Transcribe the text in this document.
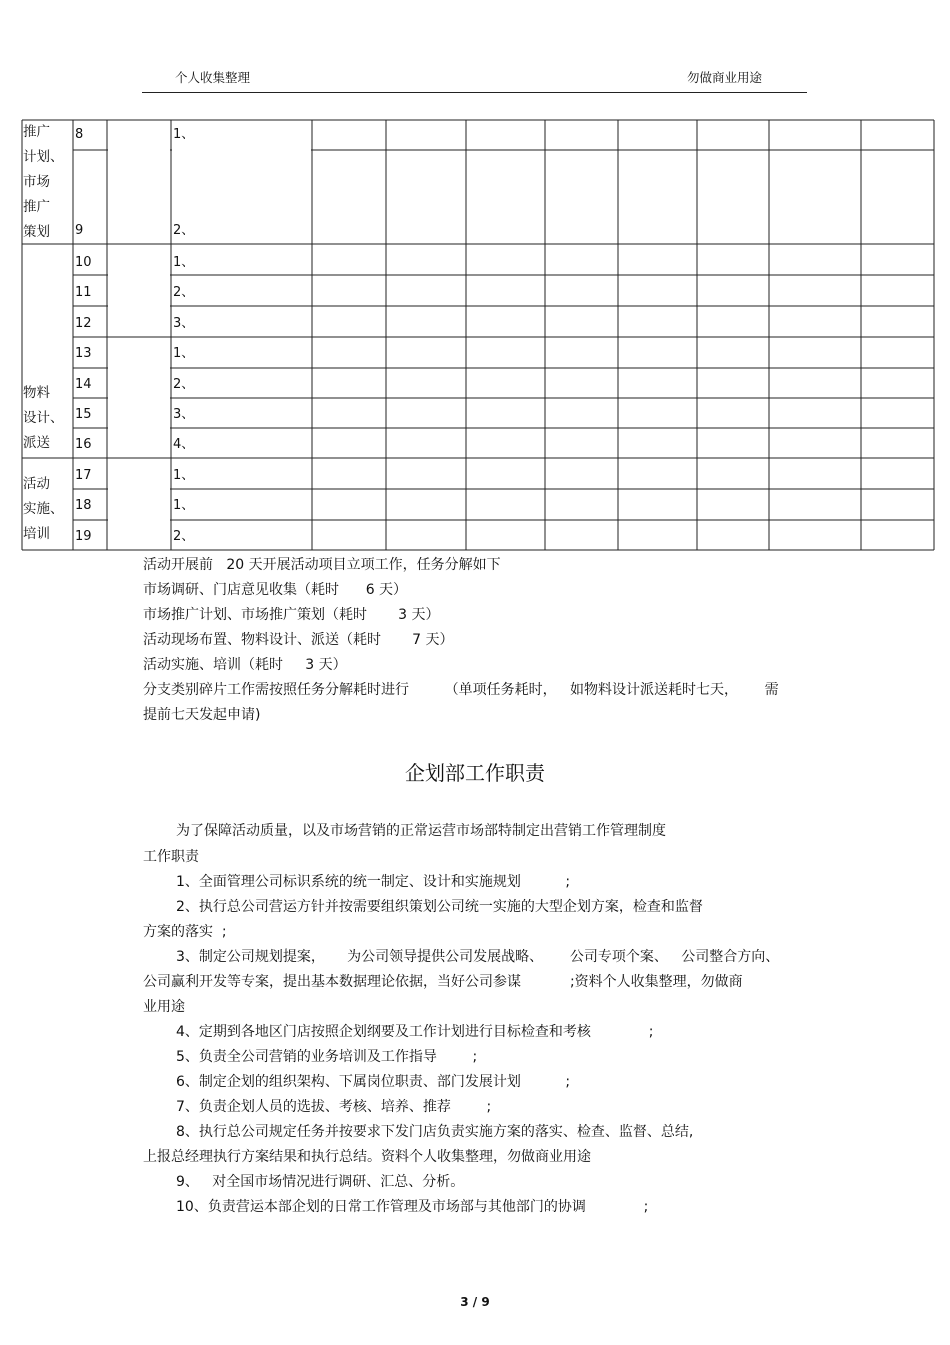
个人收集整理	勿做商业用途
推广
计划、
市场
推广
策划
物料
设计、
派送
活动
实施、
培训
8
9
10
11
12
13
14
15
16
17
18
19
1、
2、
1、
2、
3、
1、
2、
3、
4、
1、
1、
2、
活动开展前   20 天开展活动项目立项工作，任务分解如下
市场调研、门店意见收集（耗时      6 天）
市场推广计划、市场推广策划（耗时       3 天）
活动现场布置、物料设计、派送（耗时       7 天）
活动实施、培训（耗时     3 天）
分支类别碎片工作需按照任务分解耗时进行        （单项任务耗时，   如物料设计派送耗时七天，      需
提前七天发起申请)
企划部工作职责
为了保障活动质量，以及市场营销的正常运营市场部特制定出营销工作管理制度
工作职责
1、全面管理公司标识系统的统一制定、设计和实施规划          ;
2、执行总公司营运方针并按需要组织策划公司统一实施的大型企划方案，检查和监督
方案的落实  ;
3、制定公司规划提案，     为公司领导提供公司发展战略、      公司专项个案、   公司整合方向、
公司赢利开发等专案，提出基本数据理论依据，当好公司参谋           ;资料个人收集整理，勿做商
业用途
4、定期到各地区门店按照企划纲要及工作计划进行目标检查和考核             ;
5、负责全公司营销的业务培训及工作指导        ;
6、制定企划的组织架构、下属岗位职责、部门发展计划          ;
7、负责企划人员的选拔、考核、培养、推荐        ;
8、执行总公司规定任务并按要求下发门店负责实施方案的落实、检查、监督、总结,
上报总经理执行方案结果和执行总结。资料个人收集整理，勿做商业用途
9、   对全国市场情况进行调研、汇总、分析。
10、负责营运本部企划的日常工作管理及市场部与其他部门的协调             ;
3 / 9
